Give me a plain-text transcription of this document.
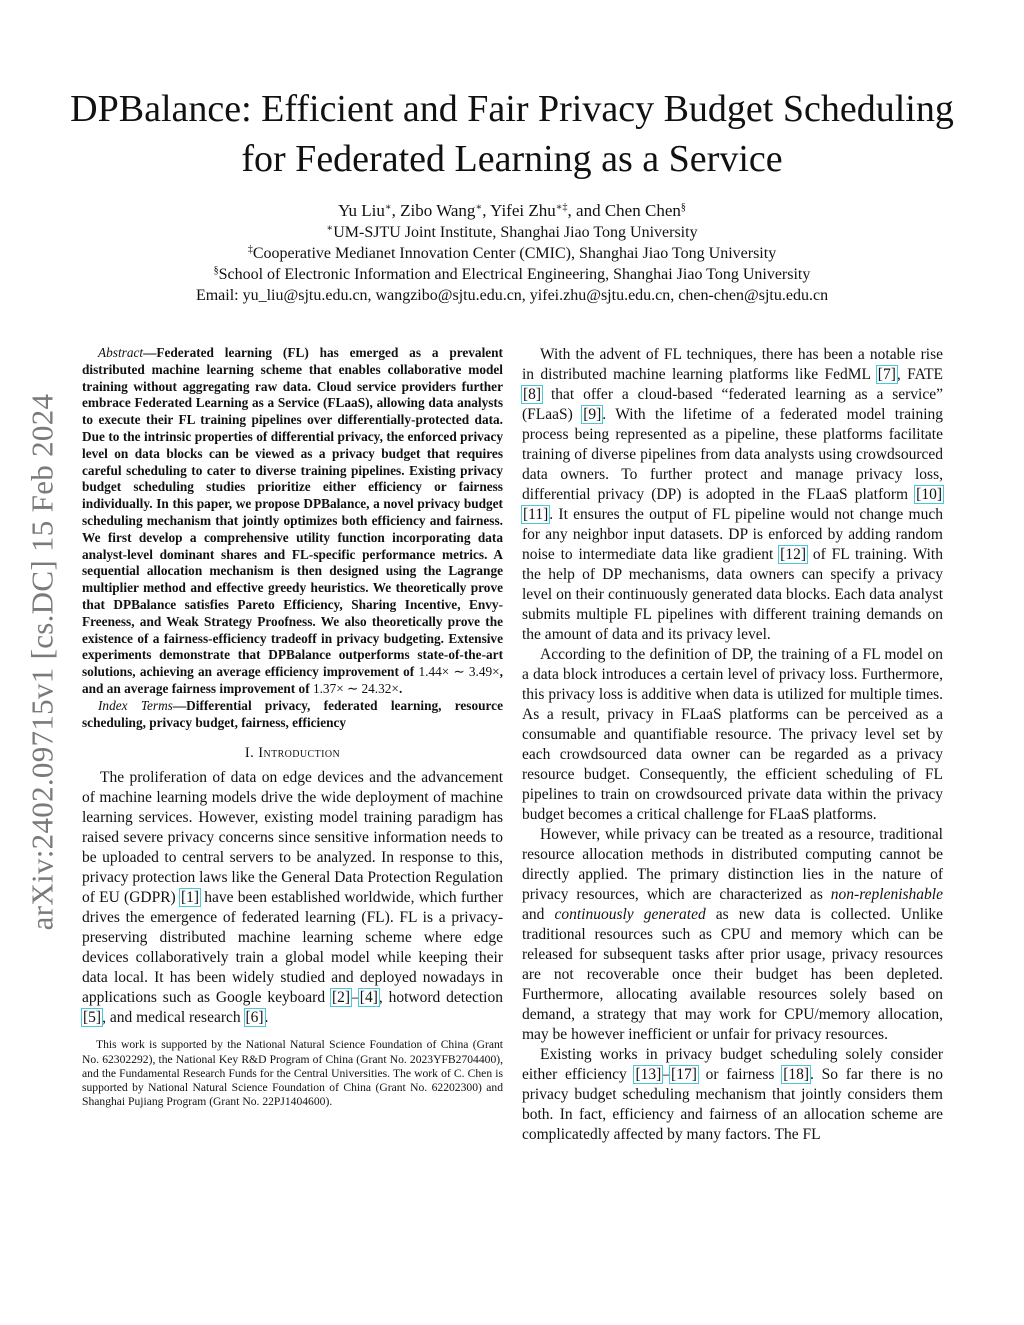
arXiv:2402.09715v1 [cs.DC] 15 Feb 2024
DPBalance: Efficient and Fair Privacy Budget Scheduling for Federated Learning as a Service
Yu Liu∗, Zibo Wang∗, Yifei Zhu∗‡, and Chen Chen§
∗UM-SJTU Joint Institute, Shanghai Jiao Tong University
‡Cooperative Medianet Innovation Center (CMIC), Shanghai Jiao Tong University
§School of Electronic Information and Electrical Engineering, Shanghai Jiao Tong University
Email: yu_liu@sjtu.edu.cn, wangzibo@sjtu.edu.cn, yifei.zhu@sjtu.edu.cn, chen-chen@sjtu.edu.cn

Abstract—Federated learning (FL) has emerged as a prevalent distributed machine learning scheme that enables collaborative model training without aggregating raw data. Cloud service providers further embrace Federated Learning as a Service (FLaaS), allowing data analysts to execute their FL training pipelines over differentially-protected data. Due to the intrinsic properties of differential privacy, the enforced privacy level on data blocks can be viewed as a privacy budget that requires careful scheduling to cater to diverse training pipelines. Existing privacy budget scheduling studies prioritize either efficiency or fairness individually. In this paper, we propose DPBalance, a novel privacy budget scheduling mechanism that jointly optimizes both efficiency and fairness. We first develop a comprehensive utility function incorporating data analyst-level dominant shares and FL-specific performance metrics. A sequential allocation mechanism is then designed using the Lagrange multiplier method and effective greedy heuristics. We theoretically prove that DPBalance satisfies Pareto Efficiency, Sharing Incentive, Envy-Freeness, and Weak Strategy Proofness. We also theoretically prove the existence of a fairness-efficiency tradeoff in privacy budgeting. Extensive experiments demonstrate that DPBalance outperforms state-of-the-art solutions, achieving an average efficiency improvement of 1.44× ∼ 3.49×, and an average fairness improvement of 1.37× ∼ 24.32×.

Index Terms—Differential privacy, federated learning, resource scheduling, privacy budget, fairness, efficiency

I. Introduction

The proliferation of data on edge devices and the advancement of machine learning models drive the wide deployment of machine learning services. However, existing model training paradigm has raised severe privacy concerns since sensitive information needs to be uploaded to central servers to be analyzed. In response to this, privacy protection laws like the General Data Protection Regulation of EU (GDPR) [1] have been established worldwide, which further drives the emergence of federated learning (FL). FL is a privacy-preserving distributed machine learning scheme where edge devices collaboratively train a global model while keeping their data local. It has been widely studied and deployed nowadays in applications such as Google keyboard [2]–[4], hotword detection [5], and medical research [6].

This work is supported by the National Natural Science Foundation of China (Grant No. 62302292), the National Key R&D Program of China (Grant No. 2023YFB2704400), and the Fundamental Research Funds for the Central Universities. The work of C. Chen is supported by National Natural Science Foundation of China (Grant No. 62202300) and Shanghai Pujiang Program (Grant No. 22PJ1404600).

With the advent of FL techniques, there has been a notable rise in distributed machine learning platforms like FedML [7], FATE [8] that offer a cloud-based “federated learning as a service” (FLaaS) [9]. With the lifetime of a federated model training process being represented as a pipeline, these platforms facilitate training of diverse pipelines from data analysts using crowdsourced data owners. To further protect and manage privacy loss, differential privacy (DP) is adopted in the FLaaS platform [10] [11]. It ensures the output of FL pipeline would not change much for any neighbor input datasets. DP is enforced by adding random noise to intermediate data like gradient [12] of FL training. With the help of DP mechanisms, data owners can specify a privacy level on their continuously generated data blocks. Each data analyst submits multiple FL pipelines with different training demands on the amount of data and its privacy level.

According to the definition of DP, the training of a FL model on a data block introduces a certain level of privacy loss. Furthermore, this privacy loss is additive when data is utilized for multiple times. As a result, privacy in FLaaS platforms can be perceived as a consumable and quantifiable resource. The privacy level set by each crowdsourced data owner can be regarded as a privacy resource budget. Consequently, the efficient scheduling of FL pipelines to train on crowdsourced private data within the privacy budget becomes a critical challenge for FLaaS platforms.

However, while privacy can be treated as a resource, traditional resource allocation methods in distributed computing cannot be directly applied. The primary distinction lies in the nature of privacy resources, which are characterized as non-replenishable and continuously generated as new data is collected. Unlike traditional resources such as CPU and memory which can be released for subsequent tasks after prior usage, privacy resources are not recoverable once their budget has been depleted. Furthermore, allocating available resources solely based on demand, a strategy that may work for CPU/memory allocation, may be however inefficient or unfair for privacy resources.

Existing works in privacy budget scheduling solely consider either efficiency [13]–[17] or fairness [18]. So far there is no privacy budget scheduling mechanism that jointly considers them both. In fact, efficiency and fairness of an allocation scheme are complicatedly affected by many factors. The FL
